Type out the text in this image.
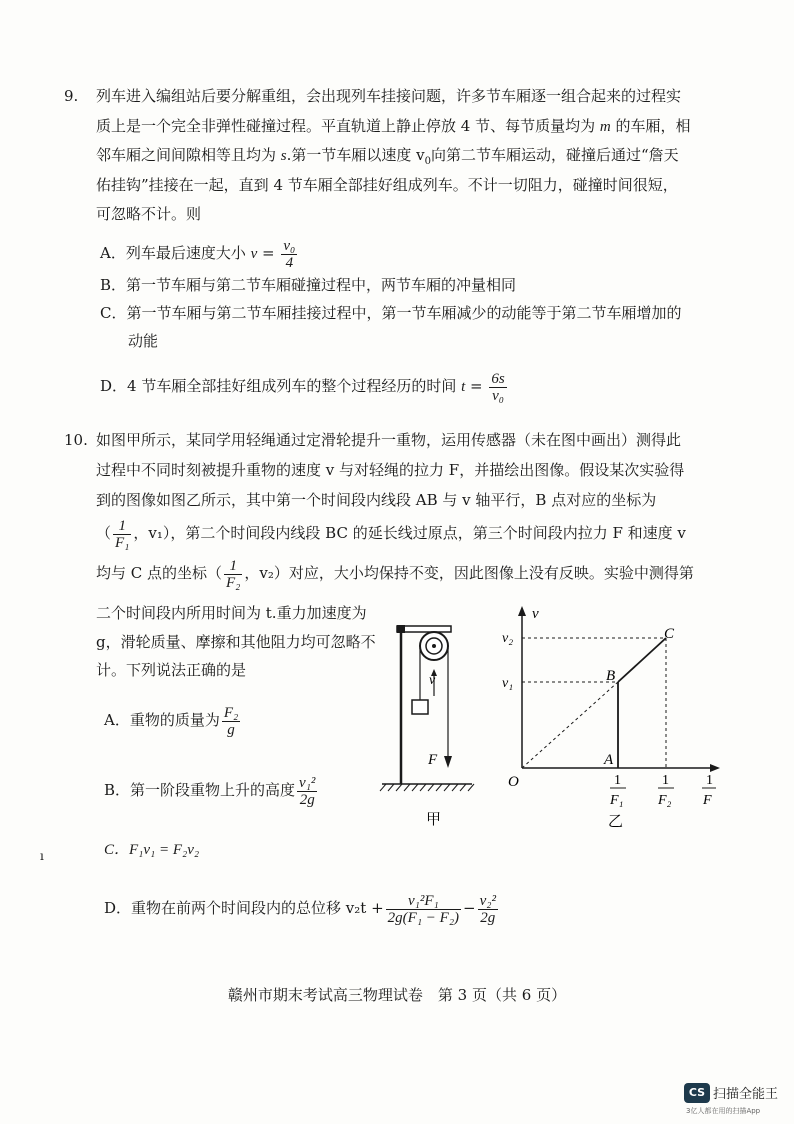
9. 列车进入编组站后要分解重组，会出现列车挂接问题，许多节车厢逐一组合起来的过程实
质上是一个完全非弹性碰撞过程。平直轨道上静止停放 4 节、每节质量均为 m 的车厢，相
邻车厢之间间隙相等且均为 s.第一节车厢以速度 $v_0$向第二节车厢运动，碰撞后通过“詹天
佑挂钩”挂接在一起，直到 4 节车厢全部挂好组成列车。不计一切阻力，碰撞时间很短，
可忽略不计。则
A．列车最后速度大小 $v = \frac{\text{v₀}}{4}$
B．第一节车厢与第二节车厢碰撞过程中，两节车厢的冲量相同
C．第一节车厢与第二节车厢挂接过程中，第一节车厢减少的动能等于第二节车厢增加的
动能
D．4 节车厢全部挂好组成列车的整个过程经历的时间 $t = \frac{6s}{\text{v₀}}$
10. 如图甲所示，某同学用轻绳通过定滑轮提升一重物，运用传感器（未在图中画出）测得此
过程中不同时刻被提升重物的速度 v 与对轻绳的拉力 F，并描绘出图像。假设某次实验得
到的图像如图乙所示，其中第一个时间段内线段 AB 与 v 轴平行，B 点对应的坐标为
（ $\frac{1}{\text{F₁}}$ ，v₁），第二个时间段内线段 BC 的延长线过原点，第三个时间段内拉力 F 和速度 v
均与 C 点的坐标（ $\frac{1}{\text{F₂}}$ ，v₂）对应，大小均保持不变，因此图像上没有反映。实验中测得第
二个时间段内所用时间为 t.重力加速度为
g，滑轮质量、摩擦和其他阻力均可忽略不
计。下列说法正确的是
A．重物的质量为 $\frac{\text{F₂}}{g}$
B．第一阶段重物上升的高度 $\frac{\text{v₁²}}{2g}$
C．F₁v₁ = F₂v₂
ı
D．重物在前两个时间段内的总位移 $v_2t + \frac{\text{v₁²F₁}}{\text{2g(F₁ − F₂)}} - \frac{\text{v₂²}}{2g}$
v
F
甲
v
1
F
O
v₂
v₁
A
B
C
1
F₁
1
F₂
乙
赣州市期末考试高三物理试卷　第 3 页（共 6 页）
CS 扫描全能王
3亿人都在用的扫描App
